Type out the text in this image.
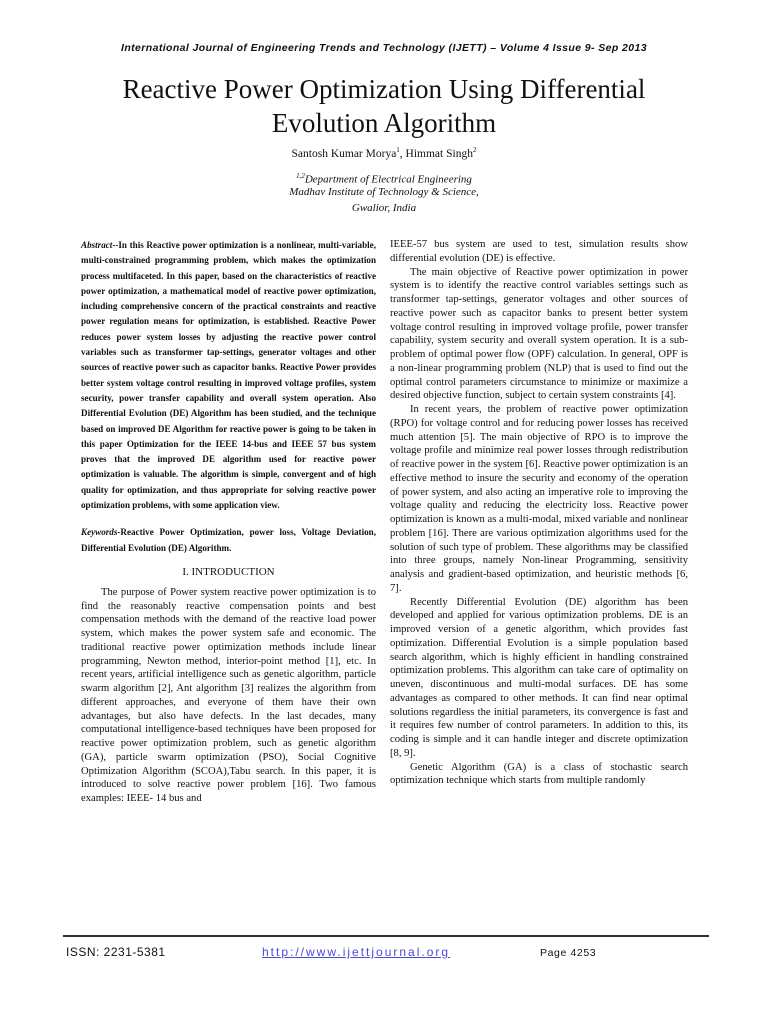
International Journal of Engineering Trends and Technology (IJETT) – Volume 4 Issue 9- Sep 2013
Reactive Power Optimization Using Differential
Evolution Algorithm
Santosh Kumar Morya$^1$, Himmat Singh$^2$
$^{1,2}$Department of Electrical Engineering
Madhav Institute of Technology & Science,
Gwalior, India

Abstract--In this Reactive power optimization is a nonlinear, multi-variable, multi-constrained programming problem, which makes the optimization process multifaceted. In this paper, based on the characteristics of reactive power optimization, a mathematical model of reactive power optimization, including comprehensive concern of the practical constraints and reactive power regulation means for optimization, is established. Reactive Power reduces power system losses by adjusting the reactive power control variables such as transformer tap-settings, generator voltages and other sources of reactive power such as capacitor banks. Reactive Power provides better system voltage control resulting in improved voltage profiles, system security, power transfer capability and overall system operation. Also Differential Evolution (DE) Algorithm has been studied, and the technique based on improved DE Algorithm for reactive power is going to be taken in this paper Optimization for the IEEE 14-bus and IEEE 57 bus system proves that the improved DE algorithm used for reactive power optimization is valuable. The algorithm is simple, convergent and of high quality for optimization, and thus appropriate for solving reactive power optimization problems, with some application view.

Keywords-Reactive Power Optimization, power loss, Voltage Deviation, Differential Evolution (DE) Algorithm.

I. INTRODUCTION

The purpose of Power system reactive power optimization is to find the reasonably reactive compensation points and best compensation methods with the demand of the reactive load power system, which makes the power system safe and economic. The traditional reactive power optimization methods include linear programming, Newton method, interior-point method [1], etc. In recent years, artificial intelligence such as genetic algorithm, particle swarm algorithm [2], Ant algorithm [3] realizes the algorithm from different approaches, and everyone of them have their own advantages, but also have defects. In the last decades, many computational intelligence-based techniques have been proposed for reactive power optimization problem, such as genetic algorithm (GA), particle swarm optimization (PSO), Social Cognitive Optimization Algorithm (SCOA),Tabu search. In this paper, it is introduced to solve reactive power problem [16]. Two famous examples: IEEE- 14 bus and

IEEE-57 bus system are used to test, simulation results show differential evolution (DE) is effective.

The main objective of Reactive power optimization in power system is to identify the reactive control variables settings such as transformer tap-settings, generator voltages and other sources of reactive power such as capacitor banks to present better system voltage control resulting in improved voltage profile, power transfer capability, system security and overall system operation. It is a sub-problem of optimal power flow (OPF) calculation. In general, OPF is a non-linear programming problem (NLP) that is used to find out the optimal control parameters circumstance to minimize or maximize a desired objective function, subject to certain system constraints [4].

In recent years, the problem of reactive power optimization (RPO) for voltage control and for reducing power losses has received much attention [5]. The main objective of RPO is to improve the voltage profile and minimize real power losses through redistribution of reactive power in the system [6]. Reactive power optimization is an effective method to insure the security and economy of the operation of power system, and also acting an imperative role to improving the voltage quality and reducing the electricity loss. Reactive power optimization is known as a multi-modal, mixed variable and nonlinear problem [16]. There are various optimization algorithms used for the solution of such type of problem. These algorithms may be classified into three groups, namely Non-linear Programming, sensitivity analysis and gradient-based optimization, and heuristic methods [6, 7].

Recently Differential Evolution (DE) algorithm has been developed and applied for various optimization problems. DE is an improved version of a genetic algorithm, which provides fast optimization. Differential Evolution is a simple population based search algorithm, which is highly efficient in handling constrained optimization problems. This algorithm can take care of optimality on uneven, discontinuous and multi-modal surfaces. DE has some advantages as compared to other methods. It can find near optimal solutions regardless the initial parameters, its convergence is fast and it requires few number of control parameters. In addition to this, its coding is simple and it can handle integer and discrete optimization [8, 9].

Genetic Algorithm (GA) is a class of stochastic search optimization technique which starts from multiple randomly

ISSN: 2231-5381	http://www.ijettjournal.org	Page 4253
